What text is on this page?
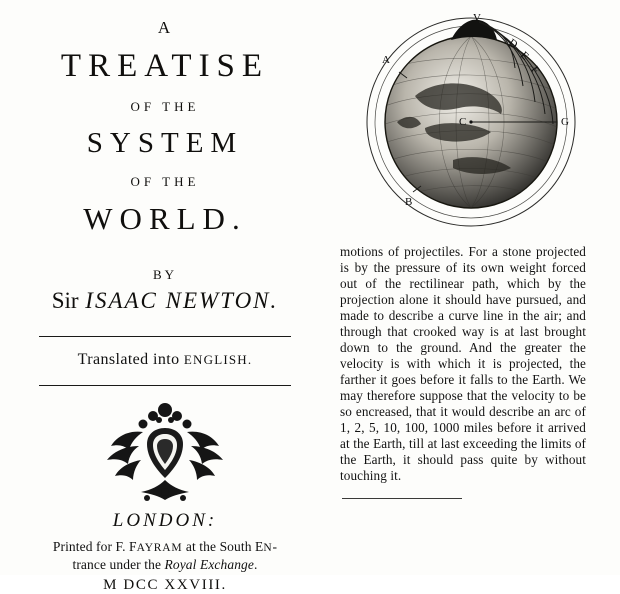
A
TREATISE
OF THE
SYSTEM
OF THE
WORLD.
BY
Sir ISAAC NEWTON.
Translated into ENGLISH.
LONDON:
Printed for F. FAYRAM at the South EN-
trance under the Royal Exchange.
M DCC XXVIII.
V
A
B
D
E
F
G
C
motions of projectiles. For a stone projected is by the pressure of its own weight forced out of the rectilinear path, which by the projection alone it should have pursued, and made to describe a curve line in the air; and through that crooked way is at last brought down to the ground. And the greater the velocity is with which it is projected, the farther it goes before it falls to the Earth. We may therefore suppose that the velocity to be so encreased, that it would describe an arc of 1, 2, 5, 10, 100, 1000 miles before it arrived at the Earth, till at last exceeding the limits of the Earth, it should pass quite by without touching it.
